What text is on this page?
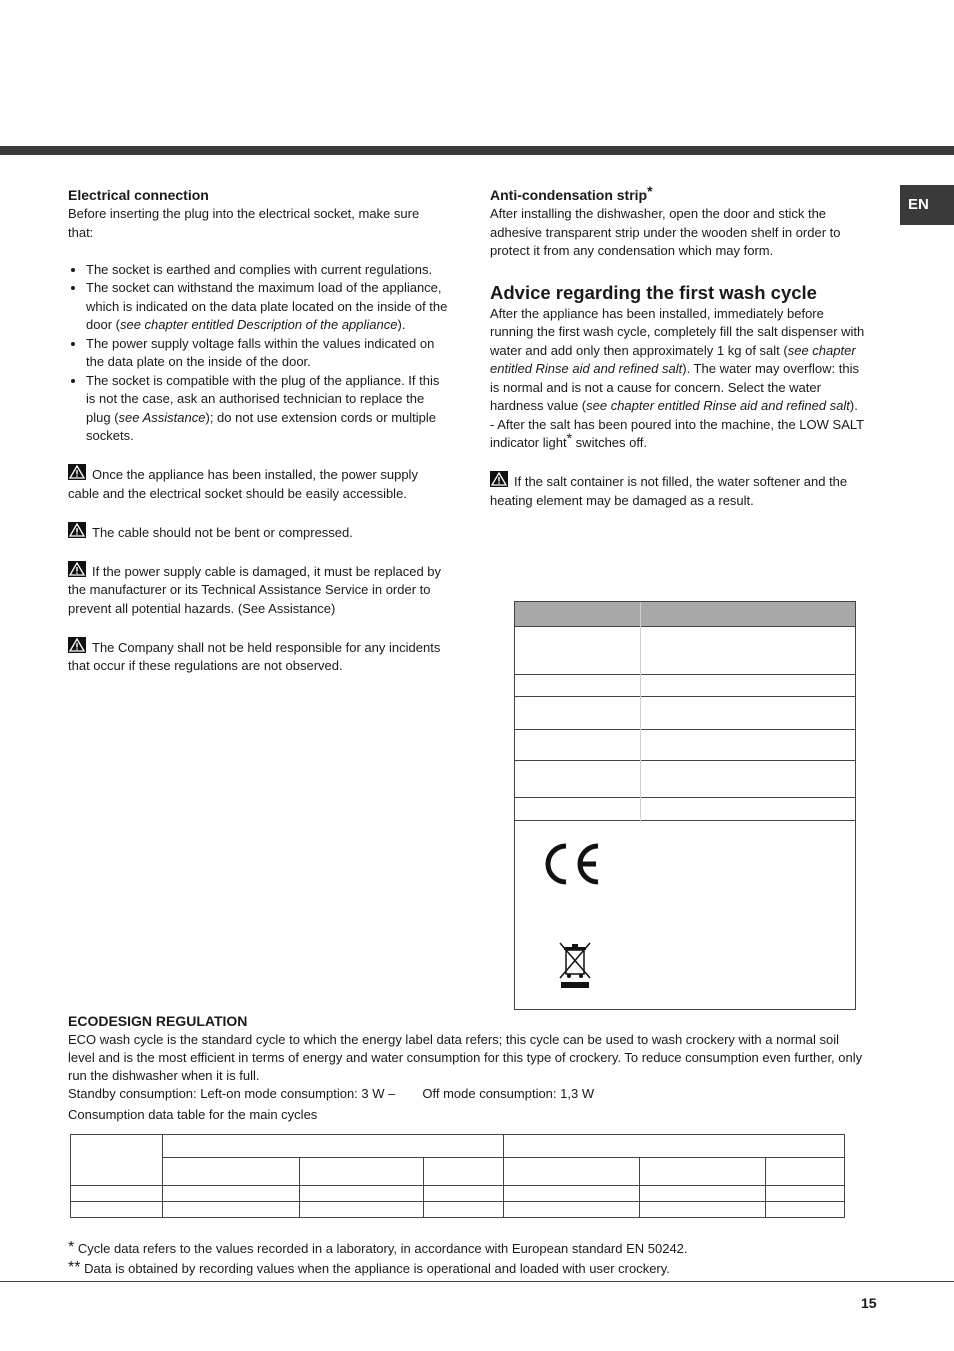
EN
Electrical connection

Before inserting the plug into the electrical socket, make sure that:

• The socket is earthed and complies with current regulations.
• The socket can withstand the maximum load of the appliance, which is indicated on the data plate located on the inside of the door (see chapter entitled Description of the appliance).
• The power supply voltage falls within the values indicated on the data plate on the inside of the door.
• The socket is compatible with the plug of the appliance. If this is not the case, ask an authorised technician to replace the plug (see Assistance); do not use extension cords or multiple sockets.

Once the appliance has been installed, the power supply cable and the electrical socket should be easily accessible.

The cable should not be bent or compressed.

If the power supply cable is damaged, it must be replaced by the manufacturer or its Technical Assistance Service in order to prevent all potential hazards. (See Assistance)

The Company shall not be held responsible for any incidents that occur if these regulations are not observed.

Anti-condensation strip*

After installing the dishwasher, open the door and stick the adhesive transparent strip under the wooden shelf in order to protect it from any condensation which may form.

Advice regarding the first wash cycle

After the appliance has been installed, immediately before running the first wash cycle, completely fill the salt dispenser with water and add only then approximately 1 kg of salt (see chapter entitled Rinse aid and refined salt). The water may overflow: this is normal and is not a cause for concern. Select the water hardness value (see chapter entitled Rinse aid and refined salt). - After the salt has been poured into the machine, the LOW SALT indicator light* switches off.

If the salt container is not filled, the water softener and the heating element may be damaged as a result.

ECODESIGN REGULATION

ECO wash cycle is the standard cycle to which the energy label data refers; this cycle can be used to wash crockery with a normal soil level and is the most efficient in terms of energy and water consumption for this type of crockery. To reduce consumption even further, only run the dishwasher when it is full.

Standby consumption: Left-on mode consumption: 3 W – Off mode consumption: 1,3 W

Consumption data table for the main cycles

* Cycle data refers to the values recorded in a laboratory, in accordance with European standard EN 50242.

** Data is obtained by recording values when the appliance is operational and loaded with user crockery.

15
